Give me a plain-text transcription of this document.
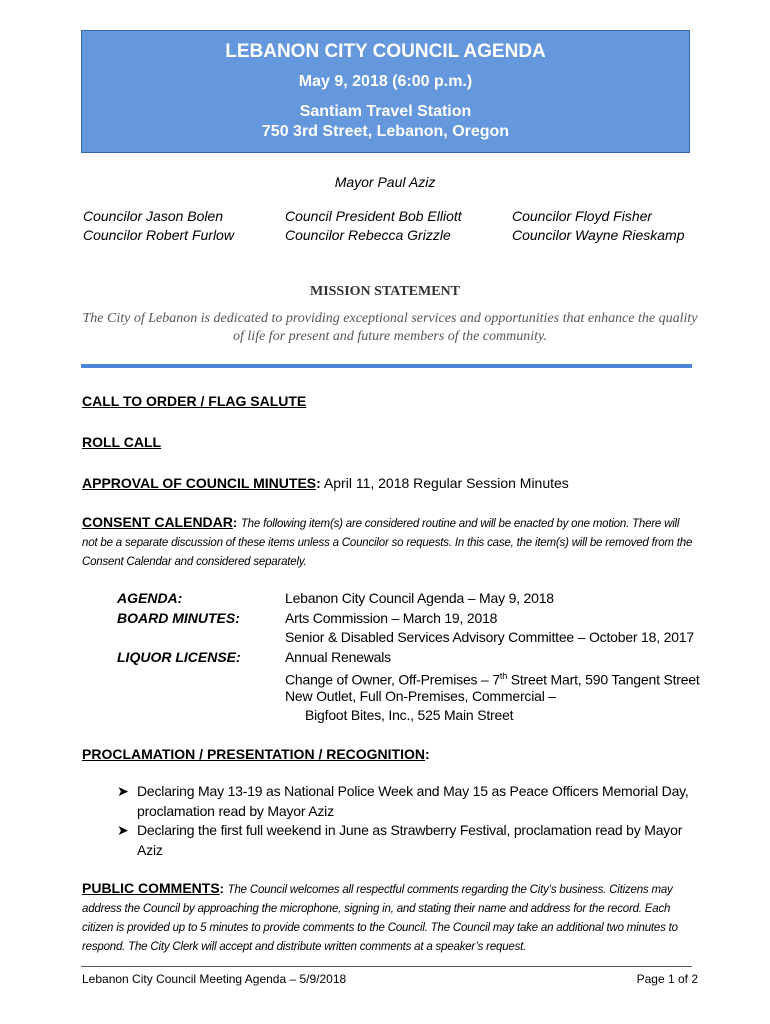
LEBANON CITY COUNCIL AGENDA
May 9, 2018 (6:00 p.m.)
Santiam Travel Station
750 3rd Street, Lebanon, Oregon
Mayor Paul Aziz
Councilor Jason Bolen
Councilor Robert Furlow
Council President Bob Elliott
Councilor Rebecca Grizzle
Councilor Floyd Fisher
Councilor Wayne Rieskamp
MISSION STATEMENT
The City of Lebanon is dedicated to providing exceptional services and opportunities that enhance the quality of life for present and future members of the community.
CALL TO ORDER / FLAG SALUTE
ROLL CALL
APPROVAL OF COUNCIL MINUTES: April 11, 2018 Regular Session Minutes
CONSENT CALENDAR: The following item(s) are considered routine and will be enacted by one motion. There will not be a separate discussion of these items unless a Councilor so requests. In this case, the item(s) will be removed from the Consent Calendar and considered separately.
AGENDA:	Lebanon City Council Agenda – May 9, 2018
BOARD MINUTES:	Arts Commission – March 19, 2018
Senior & Disabled Services Advisory Committee – October 18, 2017
LIQUOR LICENSE:	Annual Renewals
Change of Owner, Off-Premises – 7th Street Mart, 590 Tangent Street
New Outlet, Full On-Premises, Commercial –
Bigfoot Bites, Inc., 525 Main Street
PROCLAMATION / PRESENTATION / RECOGNITION:
➤ Declaring May 13-19 as National Police Week and May 15 as Peace Officers Memorial Day, proclamation read by Mayor Aziz
➤ Declaring the first full weekend in June as Strawberry Festival, proclamation read by Mayor Aziz
PUBLIC COMMENTS: The Council welcomes all respectful comments regarding the City’s business. Citizens may address the Council by approaching the microphone, signing in, and stating their name and address for the record. Each citizen is provided up to 5 minutes to provide comments to the Council. The Council may take an additional two minutes to respond. The City Clerk will accept and distribute written comments at a speaker’s request.
Lebanon City Council Meeting Agenda – 5/9/2018	Page 1 of 2
